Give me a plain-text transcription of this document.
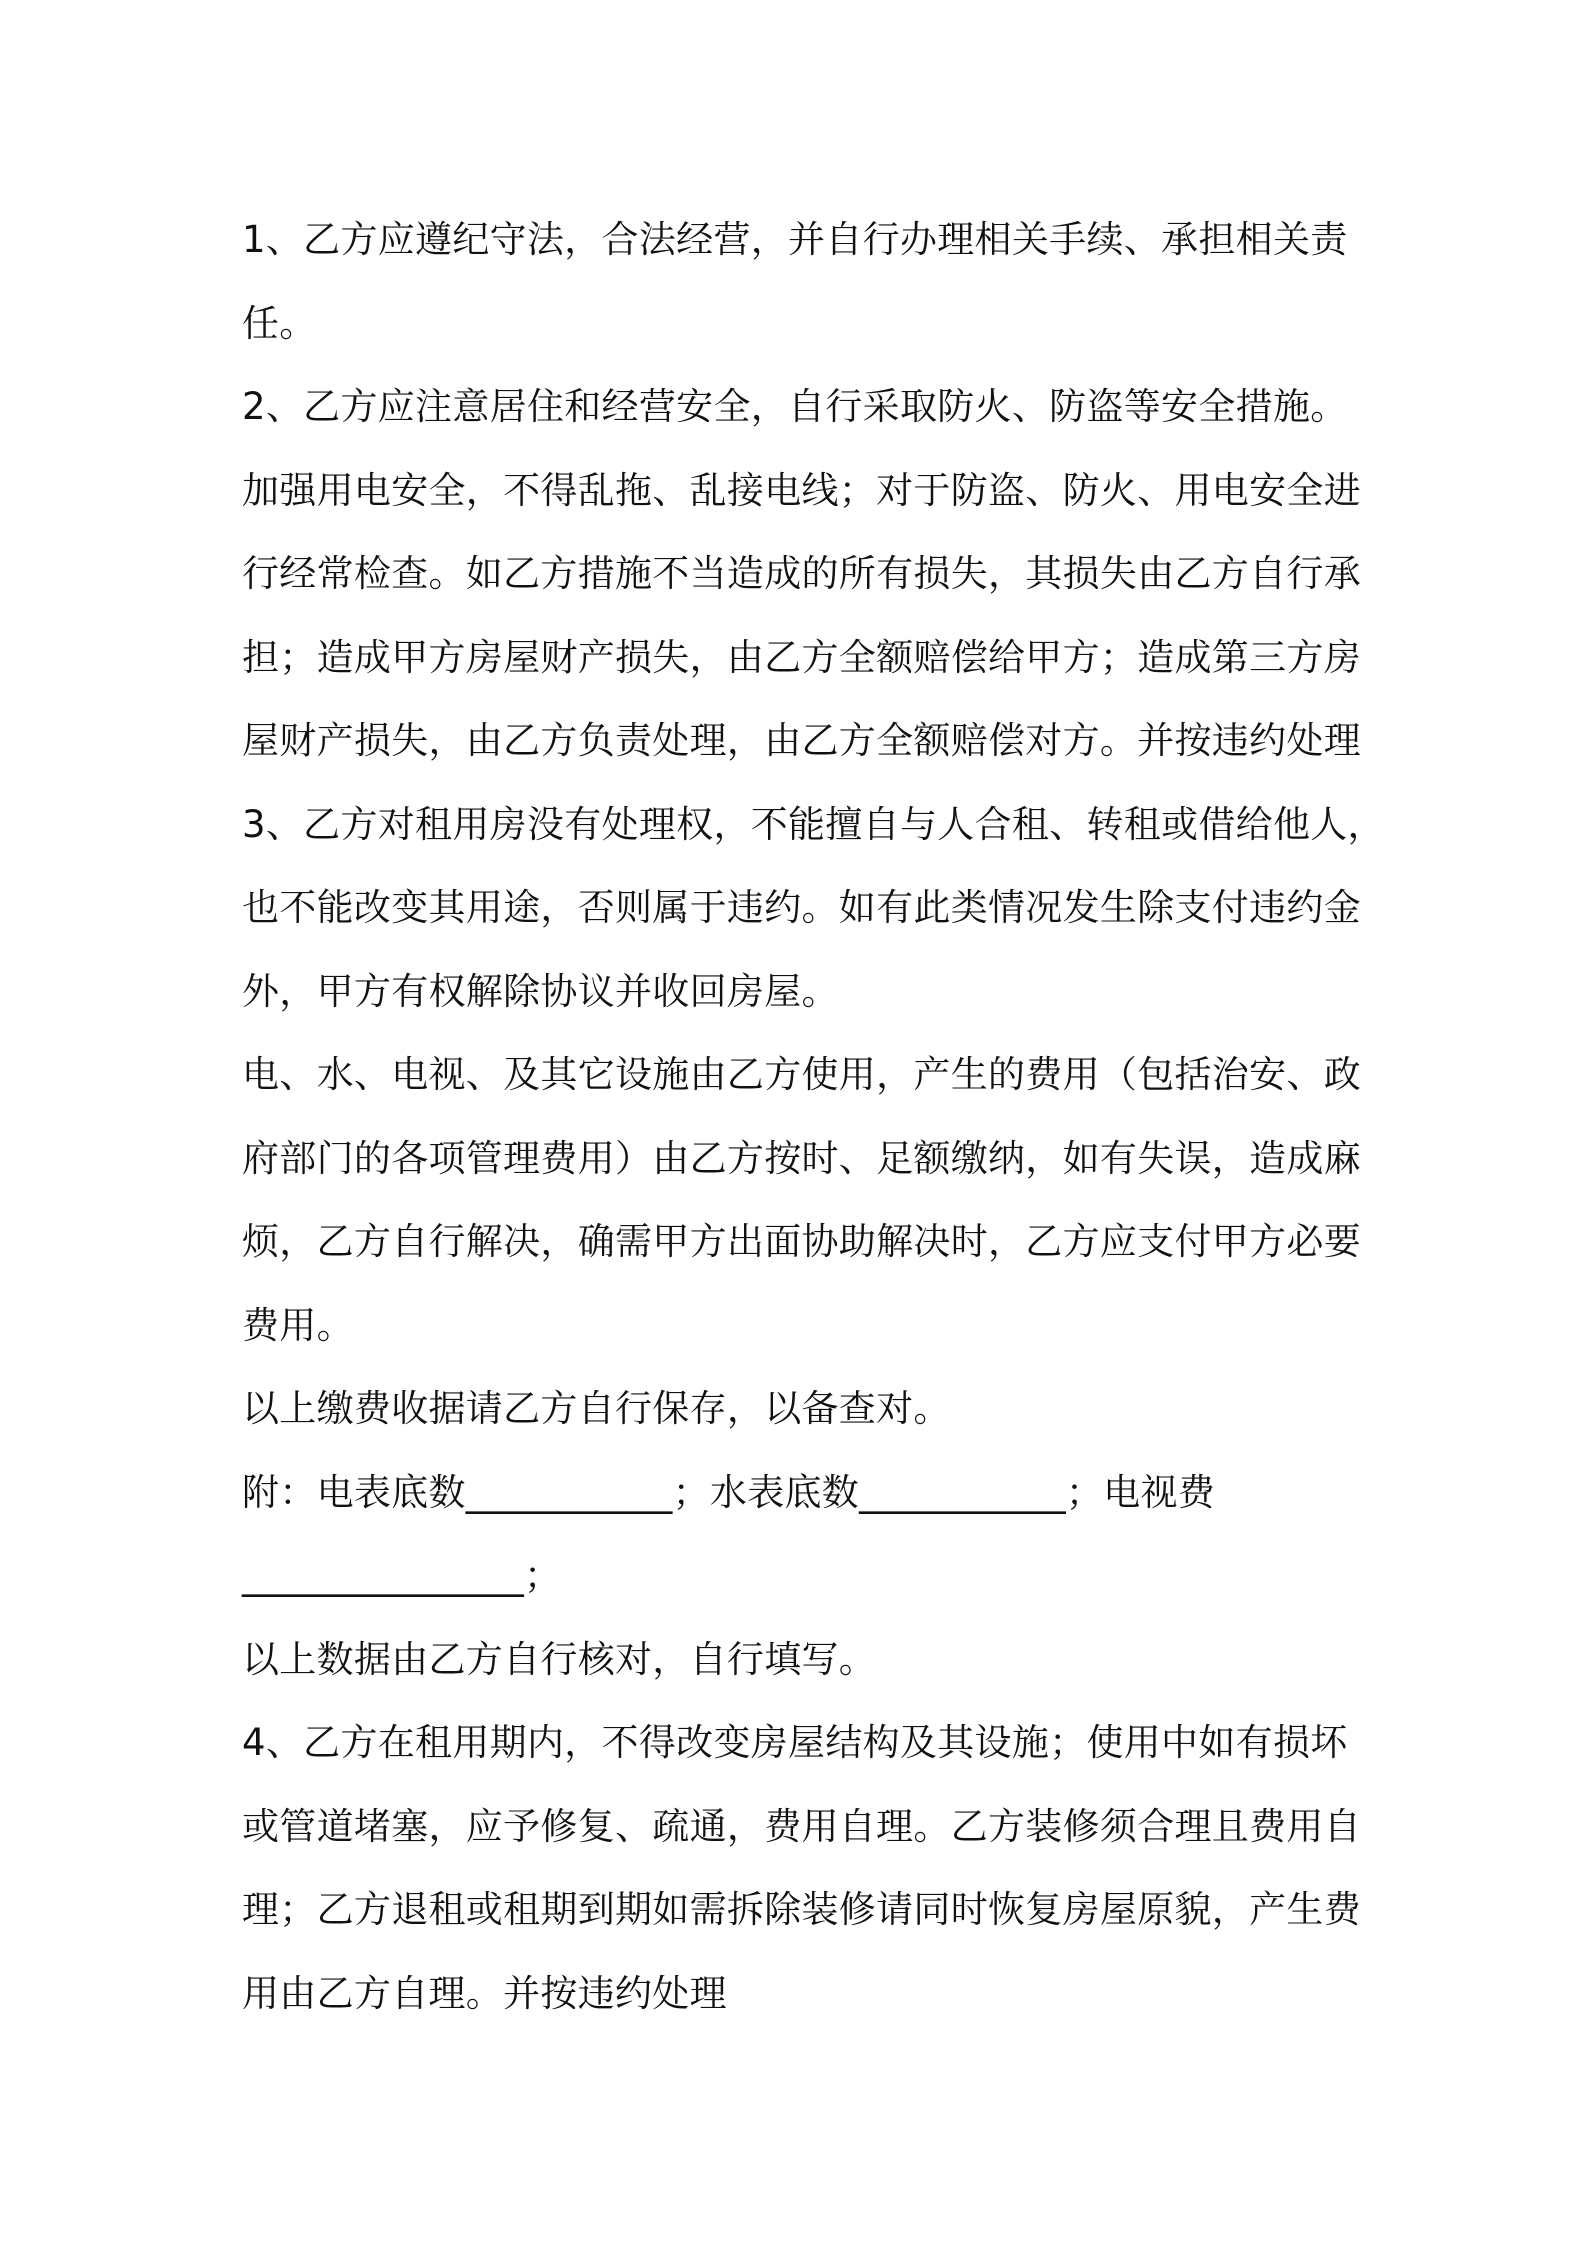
1、乙方应遵纪守法，合法经营，并自行办理相关手续、承担相关责

任。

2、乙方应注意居住和经营安全，自行采取防火、防盗等安全措施。

加强用电安全，不得乱拖、乱接电线；对于防盗、防火、用电安全进

行经常检查。如乙方措施不当造成的所有损失，其损失由乙方自行承

担；造成甲方房屋财产损失，由乙方全额赔偿给甲方；造成第三方房

屋财产损失，由乙方负责处理，由乙方全额赔偿对方。并按违约处理

3、乙方对租用房没有处理权，不能擅自与人合租、转租或借给他人，

也不能改变其用途，否则属于违约。如有此类情况发生除支付违约金

外，甲方有权解除协议并收回房屋。

电、水、电视、及其它设施由乙方使用，产生的费用（包括治安、政

府部门的各项管理费用）由乙方按时、足额缴纳，如有失误，造成麻

烦，乙方自行解决，确需甲方出面协助解决时，乙方应支付甲方必要

费用。

以上缴费收据请乙方自行保存，以备查对。

附：电表底数___________；水表底数___________；电视费

_______________；

以上数据由乙方自行核对，自行填写。

4、乙方在租用期内，不得改变房屋结构及其设施；使用中如有损坏

或管道堵塞，应予修复、疏通，费用自理。乙方装修须合理且费用自

理；乙方退租或租期到期如需拆除装修请同时恢复房屋原貌，产生费

用由乙方自理。并按违约处理
